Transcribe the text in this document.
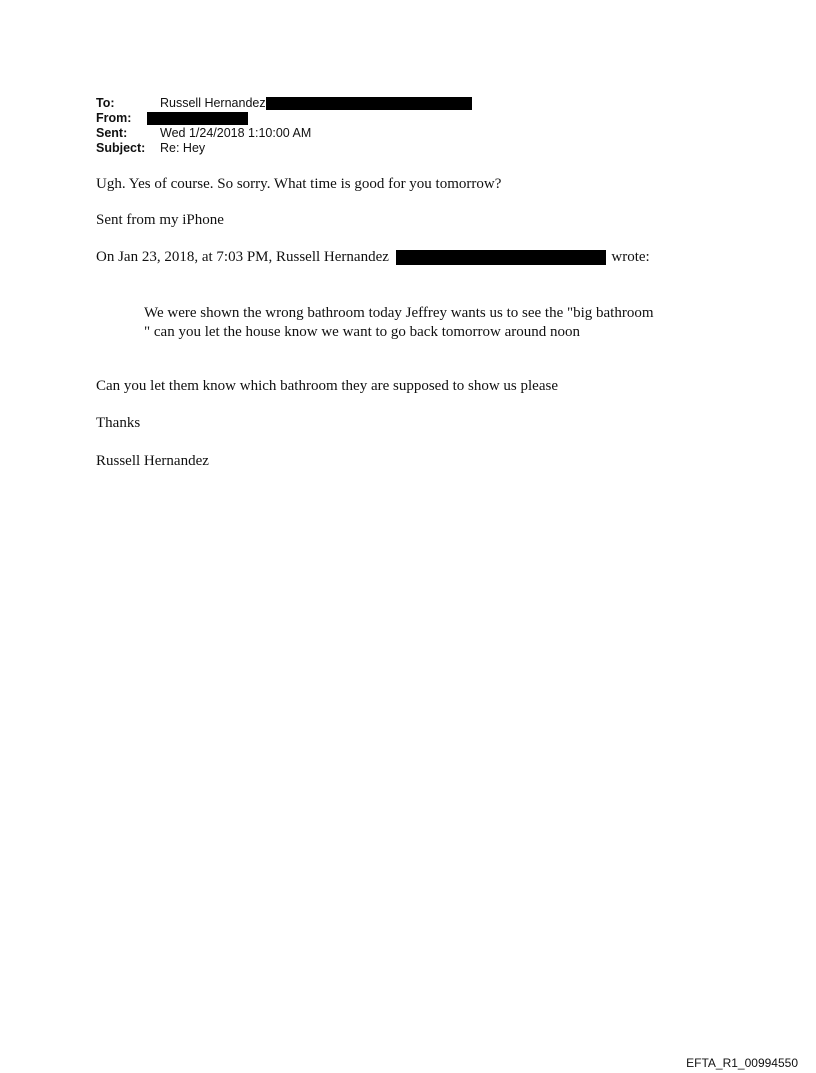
To:	Russell Hernandez
From:
Sent:	Wed 1/24/2018 1:10:00 AM
Subject:	Re: Hey
Ugh. Yes of course. So sorry. What time is good for you tomorrow?
Sent from my iPhone
On Jan 23, 2018, at 7:03 PM, Russell Hernandez	wrote:
We were shown the wrong bathroom today Jeffrey wants us to see the "big bathroom " can you let the house know we want to go back tomorrow around noon
Can you let them know which bathroom they are supposed to show us please
Thanks
Russell Hernandez
EFTA_R1_00994550
